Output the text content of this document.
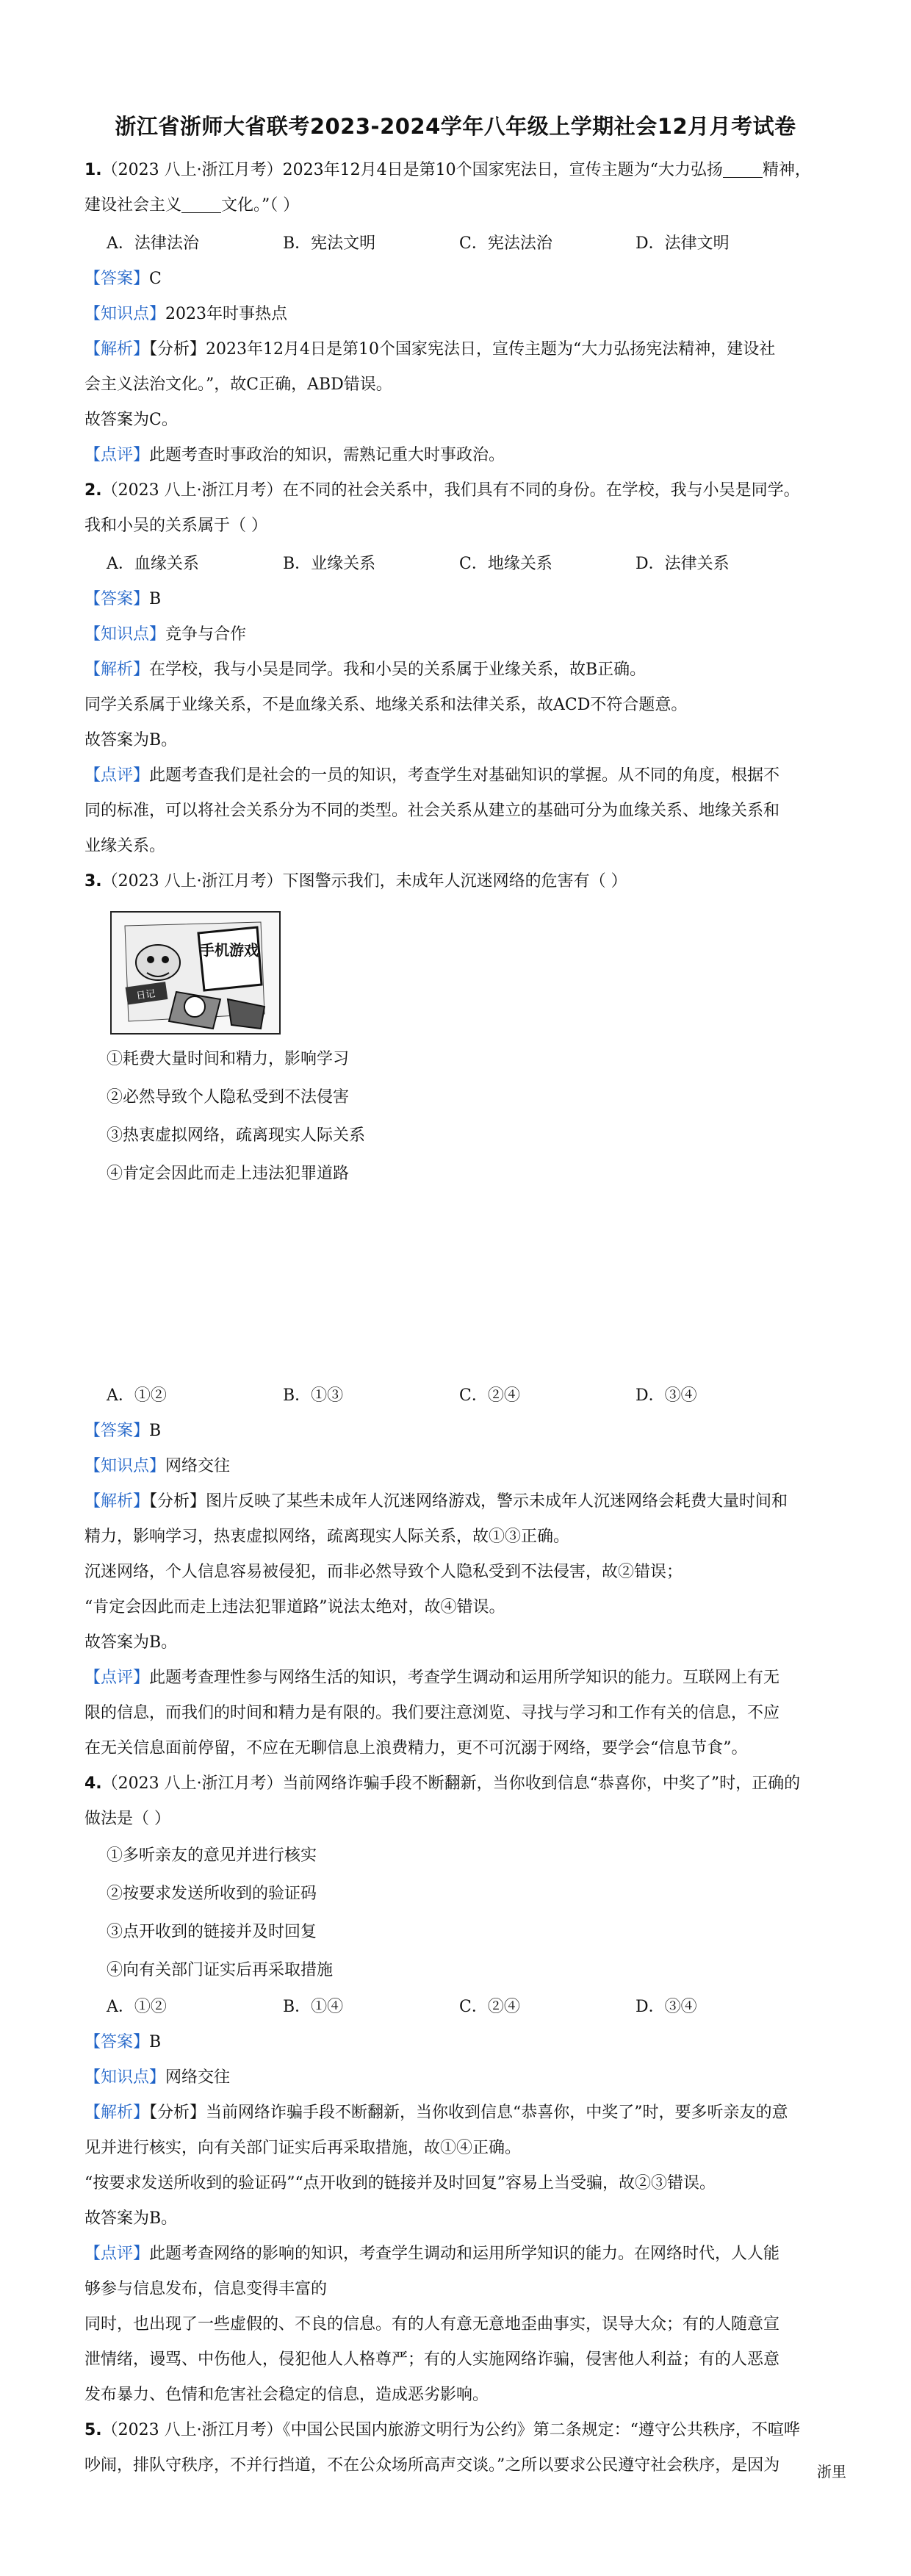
浙江省浙师大省联考2023-2024学年八年级上学期社会12月月考试卷
1.（2023 八上·浙江月考）2023年12月4日是第10个国家宪法日，宣传主题为“大力弘扬 精神，
建设社会主义 文化。”（ ）
A．法律法治	B．宪法文明	C．宪法法治	D．法律文明
【答案】C
【知识点】2023年时事热点
【解析】【分析】2023年12月4日是第10个国家宪法日，宣传主题为“大力弘扬宪法精神，建设社
会主义法治文化。”，故C正确，ABD错误。
故答案为C。
【点评】此题考查时事政治的知识，需熟记重大时事政治。
2.（2023 八上·浙江月考）在不同的社会关系中，我们具有不同的身份。在学校，我与小吴是同学。
我和小吴的关系属于（ ）
A．血缘关系	B．业缘关系	C．地缘关系	D．法律关系
【答案】B
【知识点】竞争与合作
【解析】在学校，我与小吴是同学。我和小吴的关系属于业缘关系，故B正确。
同学关系属于业缘关系，不是血缘关系、地缘关系和法律关系，故ACD不符合题意。
故答案为B。
【点评】此题考查我们是社会的一员的知识，考查学生对基础知识的掌握。从不同的角度，根据不
同的标准，可以将社会关系分为不同的类型。社会关系从建立的基础可分为血缘关系、地缘关系和
业缘关系。
3.（2023 八上·浙江月考）下图警示我们，未成年人沉迷网络的危害有（ ）
手机游戏
日记
①耗费大量时间和精力，影响学习
②必然导致个人隐私受到不法侵害
③热衷虚拟网络，疏离现实人际关系
④肯定会因此而走上违法犯罪道路
A．①②	B．①③	C．②④	D．③④
【答案】B
【知识点】网络交往
【解析】【分析】图片反映了某些未成年人沉迷网络游戏，警示未成年人沉迷网络会耗费大量时间和
精力，影响学习，热衷虚拟网络，疏离现实人际关系，故①③正确。
沉迷网络，个人信息容易被侵犯，而非必然导致个人隐私受到不法侵害，故②错误；
“肯定会因此而走上违法犯罪道路”说法太绝对，故④错误。
故答案为B。
【点评】此题考查理性参与网络生活的知识，考查学生调动和运用所学知识的能力。互联网上有无
限的信息，而我们的时间和精力是有限的。我们要注意浏览、寻找与学习和工作有关的信息，不应
在无关信息面前停留，不应在无聊信息上浪费精力，更不可沉溺于网络，要学会“信息节食”。
4.（2023 八上·浙江月考）当前网络诈骗手段不断翻新，当你收到信息“恭喜你，中奖了”时，正确的
做法是（ ）
①多听亲友的意见并进行核实
②按要求发送所收到的验证码
③点开收到的链接并及时回复
④向有关部门证实后再采取措施
A．①②	B．①④	C．②④	D．③④
【答案】B
【知识点】网络交往
【解析】【分析】当前网络诈骗手段不断翻新，当你收到信息“恭喜你，中奖了”时，要多听亲友的意
见并进行核实，向有关部门证实后再采取措施，故①④正确。
“按要求发送所收到的验证码”“点开收到的链接并及时回复”容易上当受骗，故②③错误。
故答案为B。
【点评】此题考查网络的影响的知识，考查学生调动和运用所学知识的能力。在网络时代，人人能
够参与信息发布，信息变得丰富的
同时，也出现了一些虚假的、不良的信息。有的人有意无意地歪曲事实，误导大众；有的人随意宣
泄情绪，谩骂、中伤他人，侵犯他人人格尊严；有的人实施网络诈骗，侵害他人利益；有的人恶意
发布暴力、色情和危害社会稳定的信息，造成恶劣影响。
5.（2023 八上·浙江月考）《中国公民国内旅游文明行为公约》第二条规定：“遵守公共秩序，不喧哗
吵闹，排队守秩序，不并行挡道，不在公众场所高声交谈。”之所以要求公民遵守社会秩序，是因为	浙里
